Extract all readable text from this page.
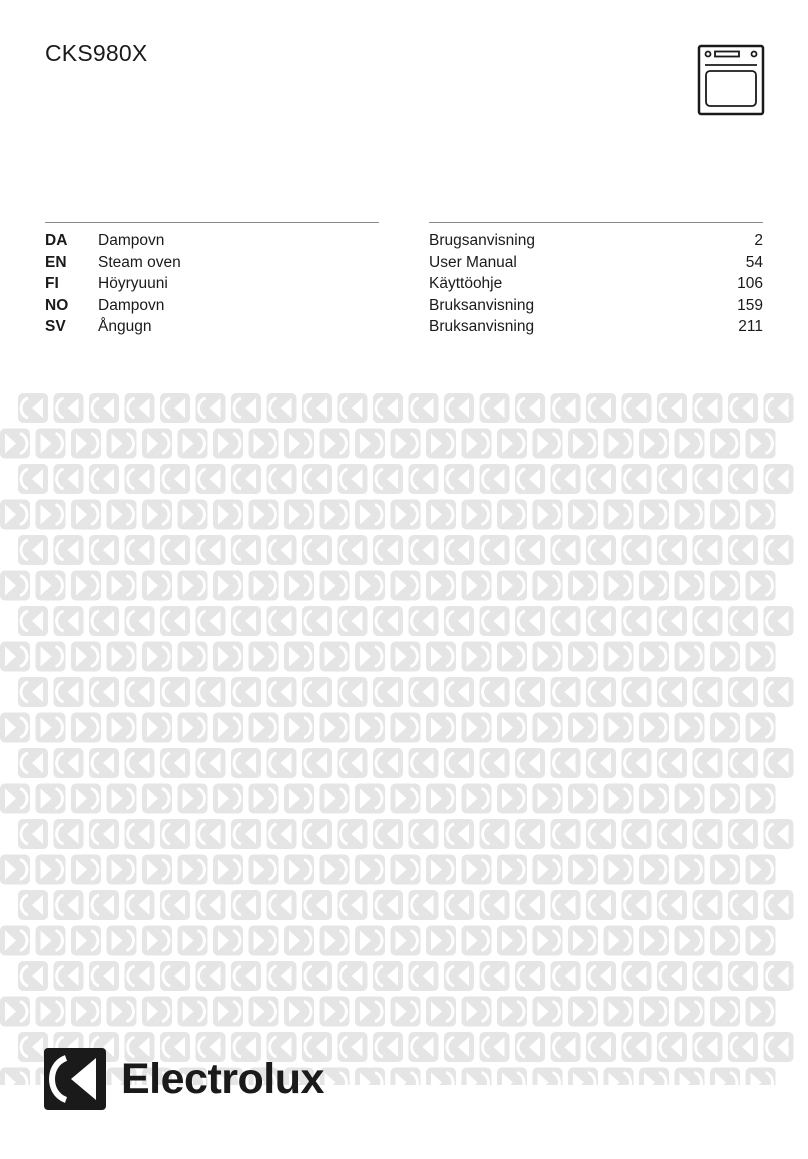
CKS980X
DA Dampovn	Brugsanvisning	2
EN Steam oven	User Manual	54
FI	Höyryuuni	Käyttöohje	106
NO Dampovn	Bruksanvisning	159
SV Ångugn	Bruksanvisning	211
Electrolux
